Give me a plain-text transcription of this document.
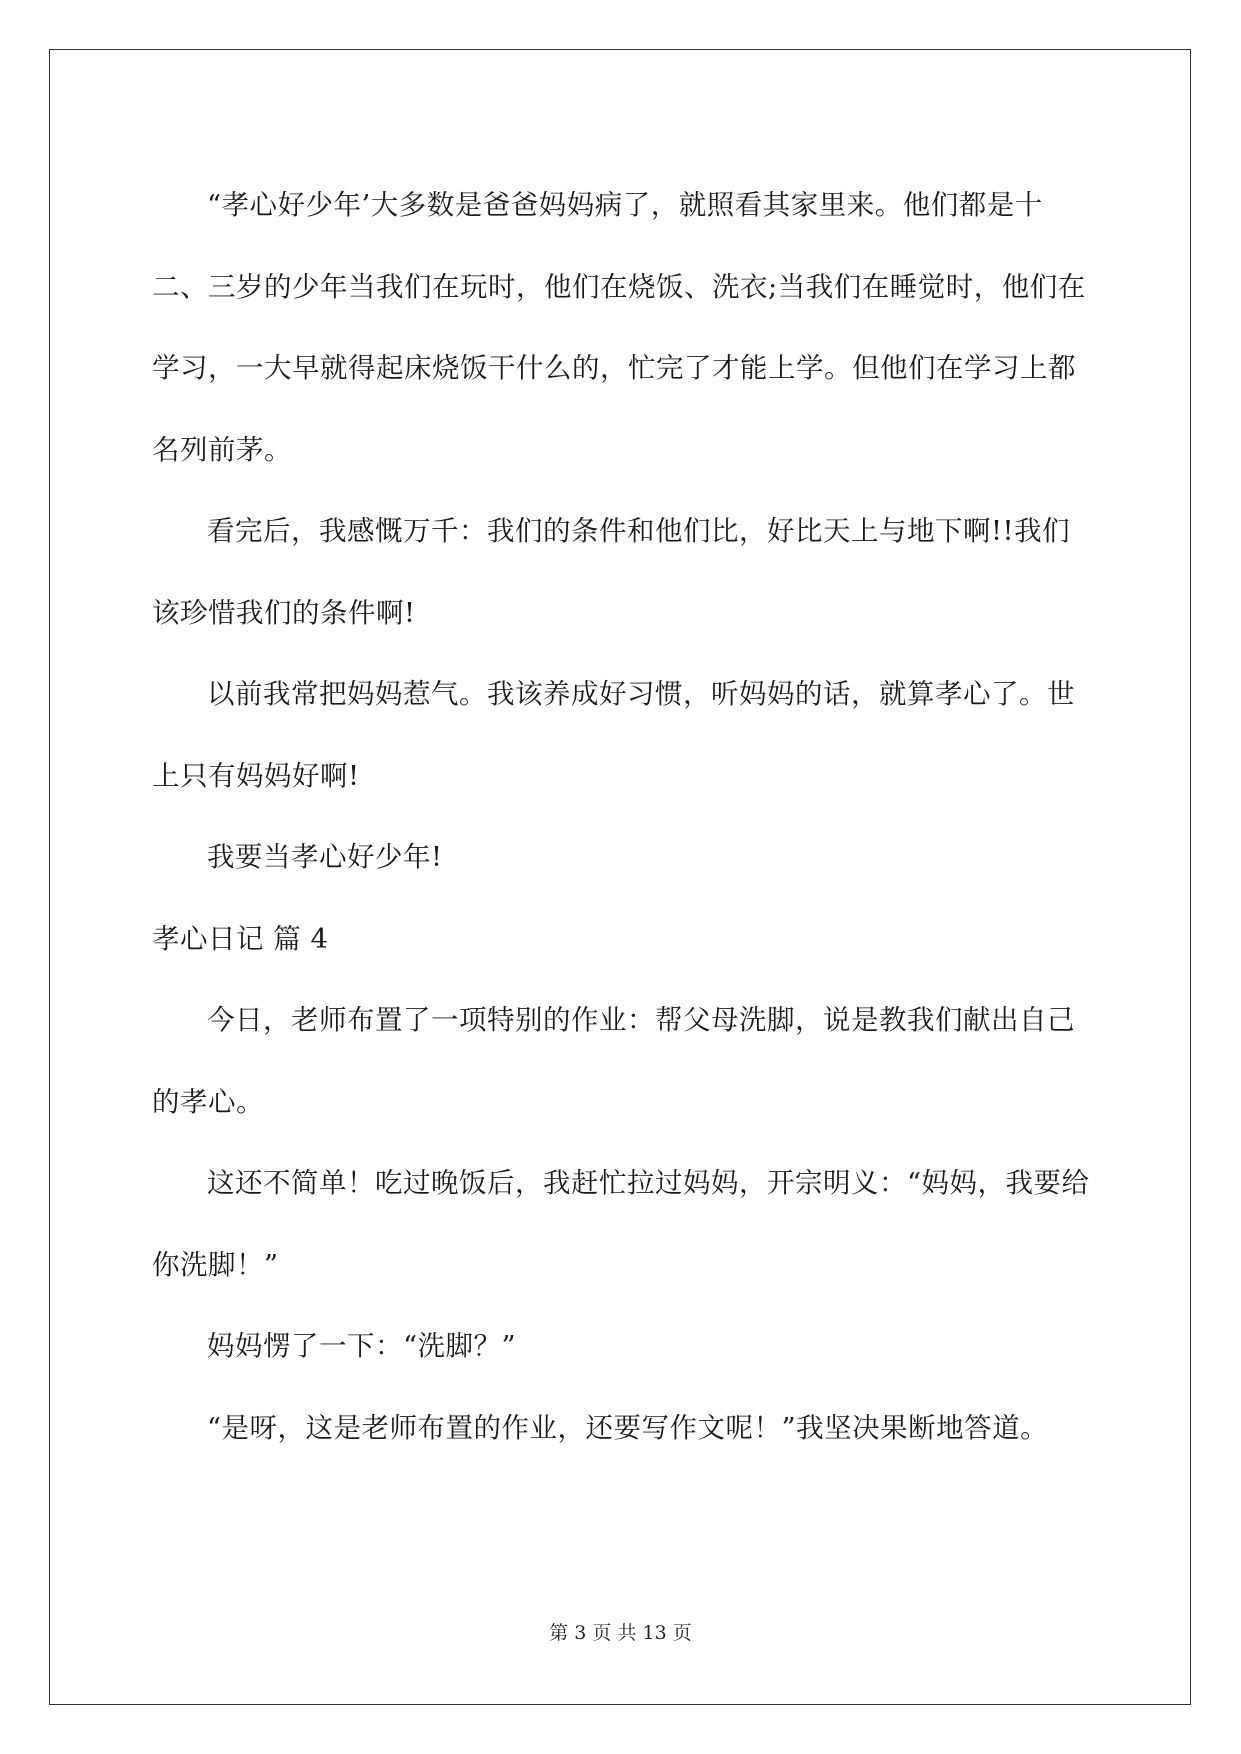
“孝心好少年’大多数是爸爸妈妈病了，就照看其家里来。他们都是十二、三岁的少年当我们在玩时，他们在烧饭、洗衣;当我们在睡觉时，他们在学习，一大早就得起床烧饭干什么的，忙完了才能上学。但他们在学习上都名列前茅。

看完后，我感慨万千：我们的条件和他们比，好比天上与地下啊!!我们该珍惜我们的条件啊!

以前我常把妈妈惹气。我该养成好习惯，听妈妈的话，就算孝心了。世上只有妈妈好啊!

我要当孝心好少年!

孝心日记 篇 4

今日，老师布置了一项特别的作业：帮父母洗脚，说是教我们献出自己的孝心。

这还不简单！吃过晚饭后，我赶忙拉过妈妈，开宗明义：“妈妈，我要给你洗脚！”

妈妈愣了一下：“洗脚？”

“是呀，这是老师布置的作业，还要写作文呢！”我坚决果断地答道。

第 3 页 共 13 页
